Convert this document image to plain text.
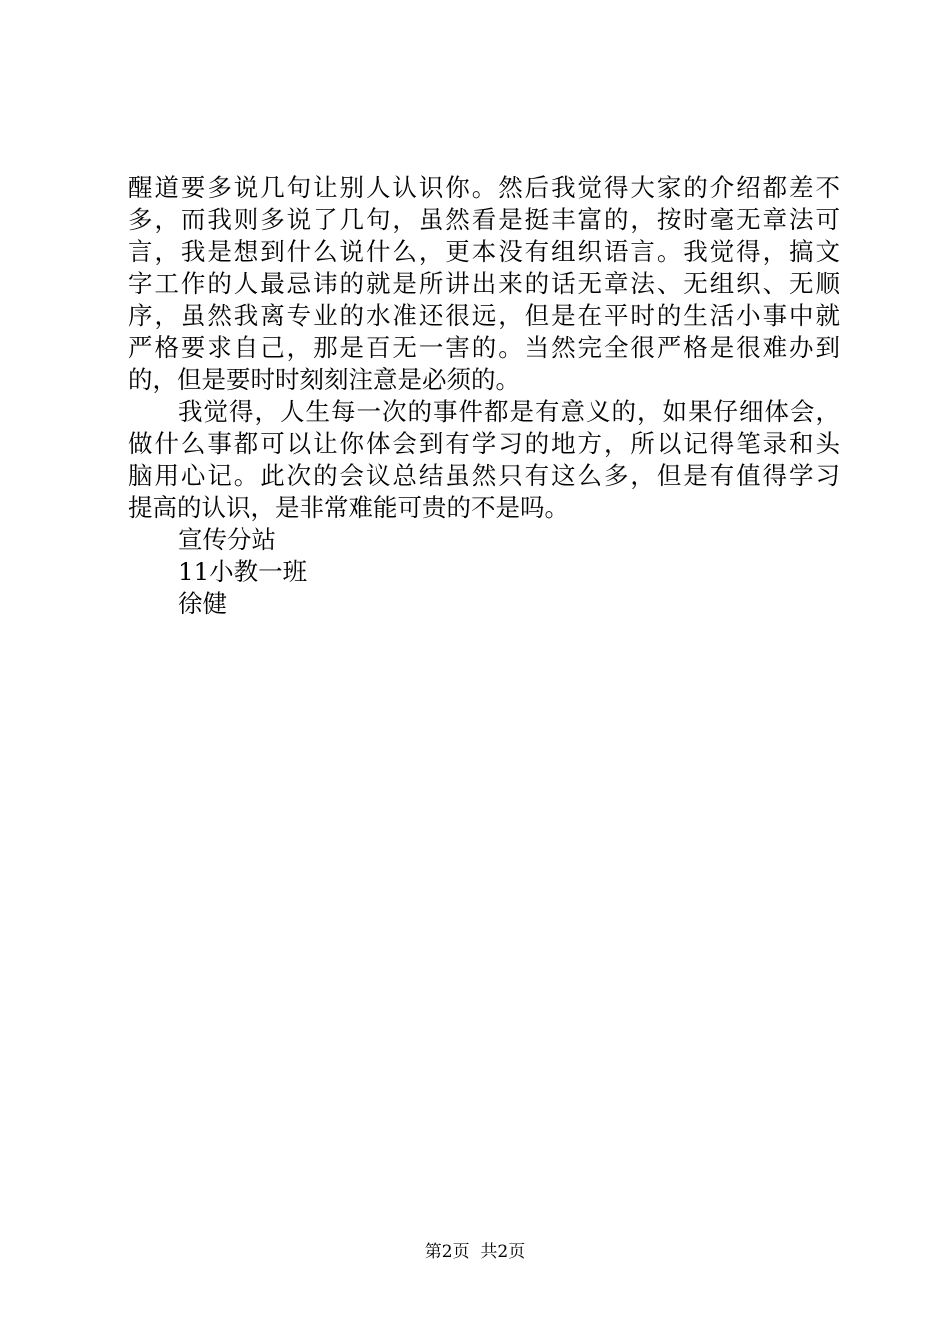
醒道要多说几句让别人认识你。然后我觉得大家的介绍都差不
多，而我则多说了几句，虽然看是挺丰富的，按时毫无章法可
言，我是想到什么说什么，更本没有组织语言。我觉得，搞文
字工作的人最忌讳的就是所讲出来的话无章法、无组织、无顺
序，虽然我离专业的水准还很远，但是在平时的生活小事中就
严格要求自己，那是百无一害的。当然完全很严格是很难办到
的，但是要时时刻刻注意是必须的。
我觉得，人生每一次的事件都是有意义的，如果仔细体会，
做什么事都可以让你体会到有学习的地方，所以记得笔录和头
脑用心记。此次的会议总结虽然只有这么多，但是有值得学习
提高的认识，是非常难能可贵的不是吗。
宣传分站
11小教一班
徐健
第2页  共2页
